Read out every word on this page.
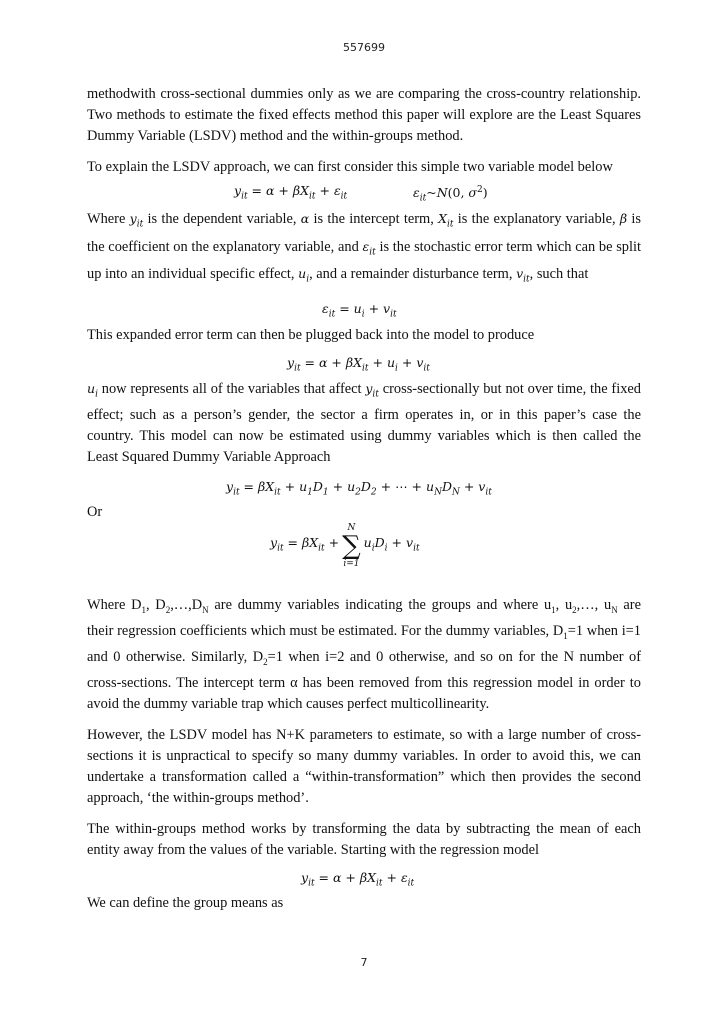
557699

methodwith cross-sectional dummies only as we are comparing the cross-country relationship. Two methods to estimate the fixed effects method this paper will explore are the Least Squares Dummy Variable (LSDV) method and the within-groups method.

To explain the LSDV approach, we can first consider this simple two variable model below

$y_{it} = \alpha + \beta X_{it} + \varepsilon_{it}$	$\varepsilon_{it}\sim N(0$, $\sigma^2$)

Where $y_{it}$ is the dependent variable, α is the intercept term, $X_{it}$ is the explanatory variable, β is the coefficient on the explanatory variable, and $\varepsilon_{it}$ is the stochastic error term which can be split up into an individual specific effect, $u_i$, and a remainder disturbance term, $v_{it}$, such that

$\varepsilon_{it} = u_i + v_{it}$

This expanded error term can then be plugged back into the model to produce

$y_{it} = \alpha + \beta X_{it} + u_i + v_{it}$

$u_i$ now represents all of the variables that affect $y_{it}$ cross-sectionally but not over time, the fixed effect; such as a person’s gender, the sector a firm operates in, or in this paper’s case the country. This model can now be estimated using dummy variables which is then called the Least Squared Dummy Variable Approach

$y_{it} = \beta X_{it} + u_1D_1 + u_2D_2$ + ⋯ + $u_ND_N + v_{it}$

Or

$y_{it} = \beta X_{it}$ +
N
∑
i=1
$u_iD_i + v_{it}$

Where $D_1$, $D_2,\dots,D_N$ are dummy variables indicating the groups and where $u_1$, $u_2,\dots$, $u_N$ are their regression coefficients which must be estimated. For the dummy variables, $D_1=1$ when i=1 and 0 otherwise. Similarly, $D_2=1$ when i=2 and 0 otherwise, and so on for the N number of cross-sections. The intercept term α has been removed from this regression model in order to avoid the dummy variable trap which causes perfect multicollinearity.

However, the LSDV model has N+K parameters to estimate, so with a large number of cross-sections it is unpractical to specify so many dummy variables. In order to avoid this, we can undertake a transformation called a “within-transformation” which then provides the second approach, ‘the within-groups method’.

The within-groups method works by transforming the data by subtracting the mean of each entity away from the values of the variable. Starting with the regression model

$y_{it} = \alpha + \beta X_{it} + \varepsilon_{it}$

We can define the group means as

7
